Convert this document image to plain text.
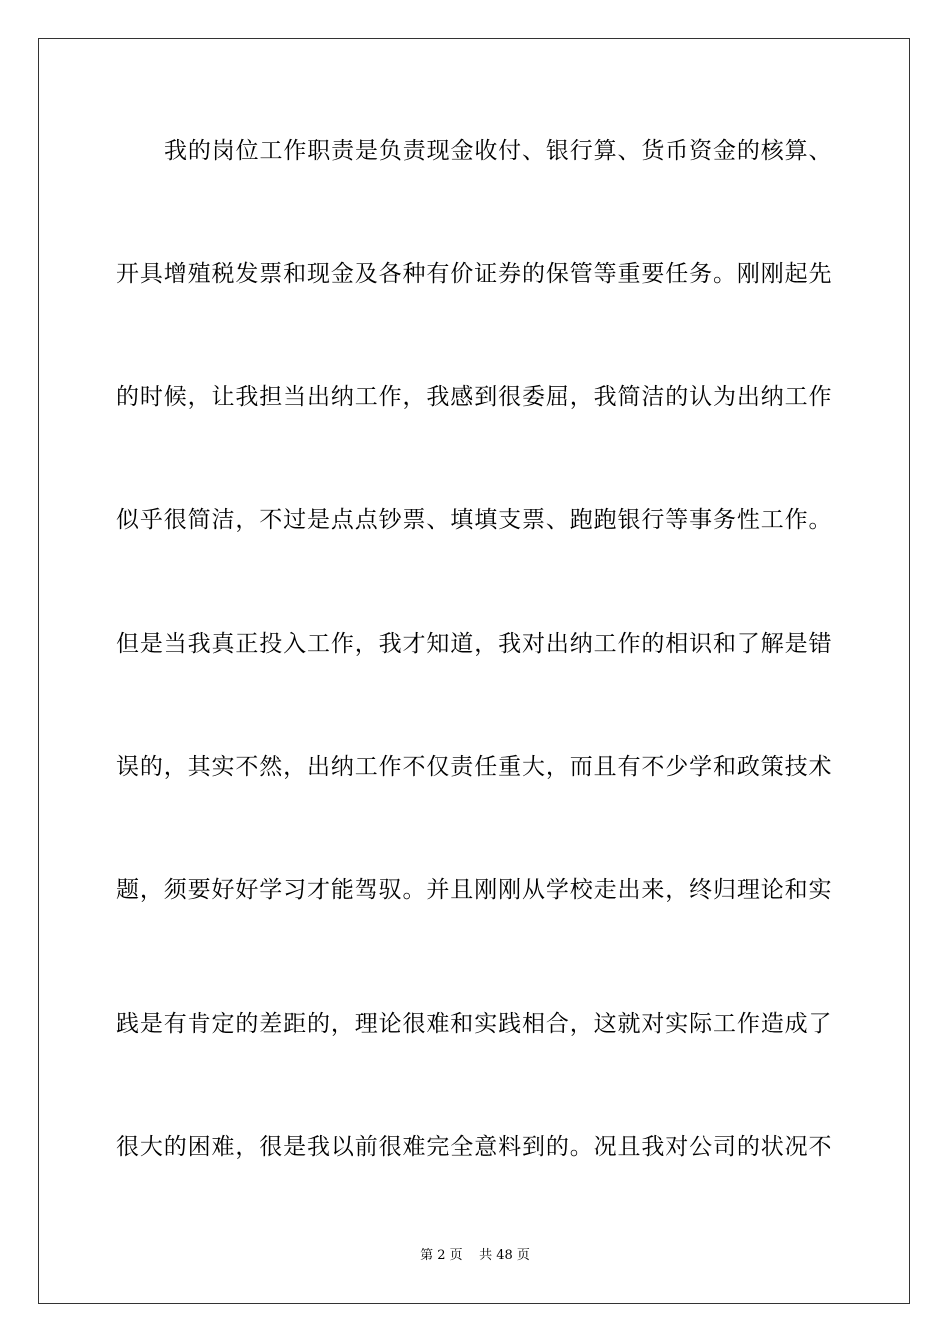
我的岗位工作职责是负责现金收付、银行算、货币资金的核算、
开具增殖税发票和现金及各种有价证券的保管等重要任务。刚刚起先
的时候，让我担当出纳工作，我感到很委屈，我简洁的认为出纳工作
似乎很简洁，不过是点点钞票、填填支票、跑跑银行等事务性工作。
但是当我真正投入工作，我才知道，我对出纳工作的相识和了解是错
误的，其实不然，出纳工作不仅责任重大，而且有不少学和政策技术
题，须要好好学习才能驾驭。并且刚刚从学校走出来，终归理论和实
践是有肯定的差距的，理论很难和实践相合，这就对实际工作造成了
很大的困难，很是我以前很难完全意料到的。况且我对公司的状况不
第 2 页    共 48 页
